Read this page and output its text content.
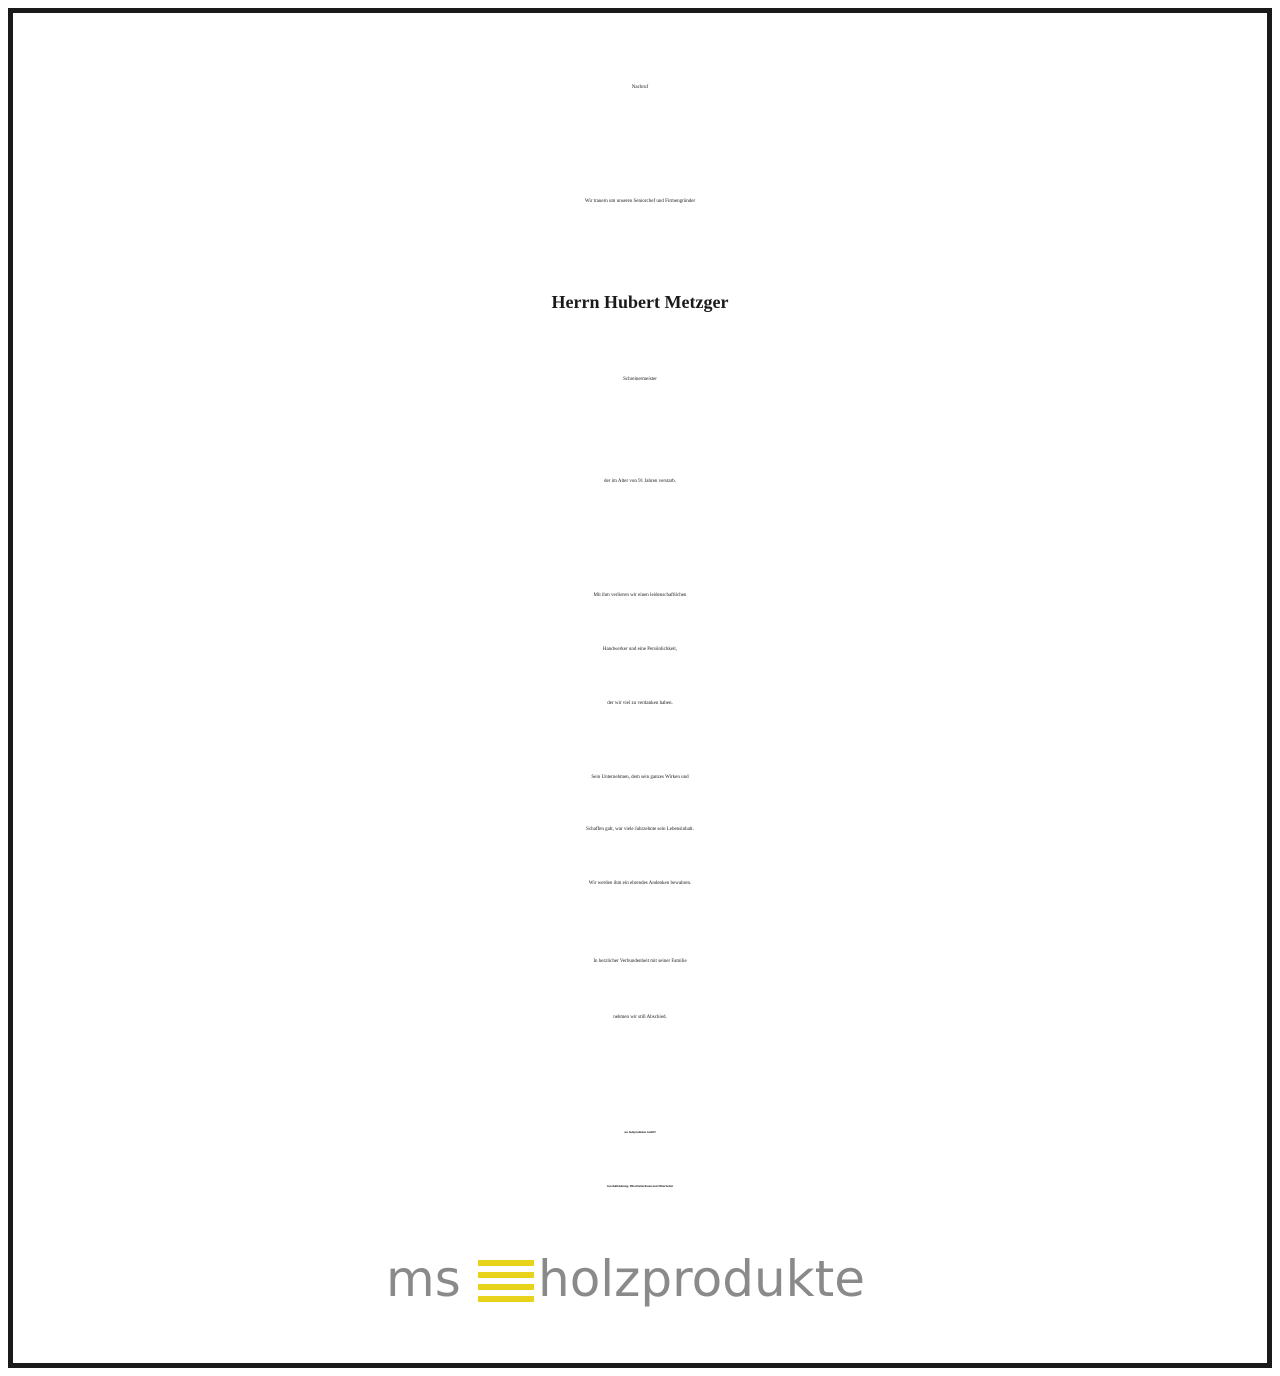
Nachruf
Wir trauern um unseren Seniorchef und Firmengründer
Herrn Hubert Metzger
Schreinermeister
der im Alter von 91 Jahren verstarb.
Mit ihm verlieren wir einen leidenschaftlichen
Handwerker und eine Persönlichkeit,
der wir viel zu verdanken haben.
Sein Unternehmen, dem sein ganzes Wirken und
Schaffen galt, war viele Jahrzehnte sein Lebensinhalt.
Wir werden ihm ein ehrendes Andenken bewahren.
In herzlicher Verbundenheit mit seiner Familie
nehmen wir still Abschied.
ms holzprodukte GmbH
Geschäftsleitung, Mitarbeiterinnen und Mitarbeiter
ms holzprodukte
